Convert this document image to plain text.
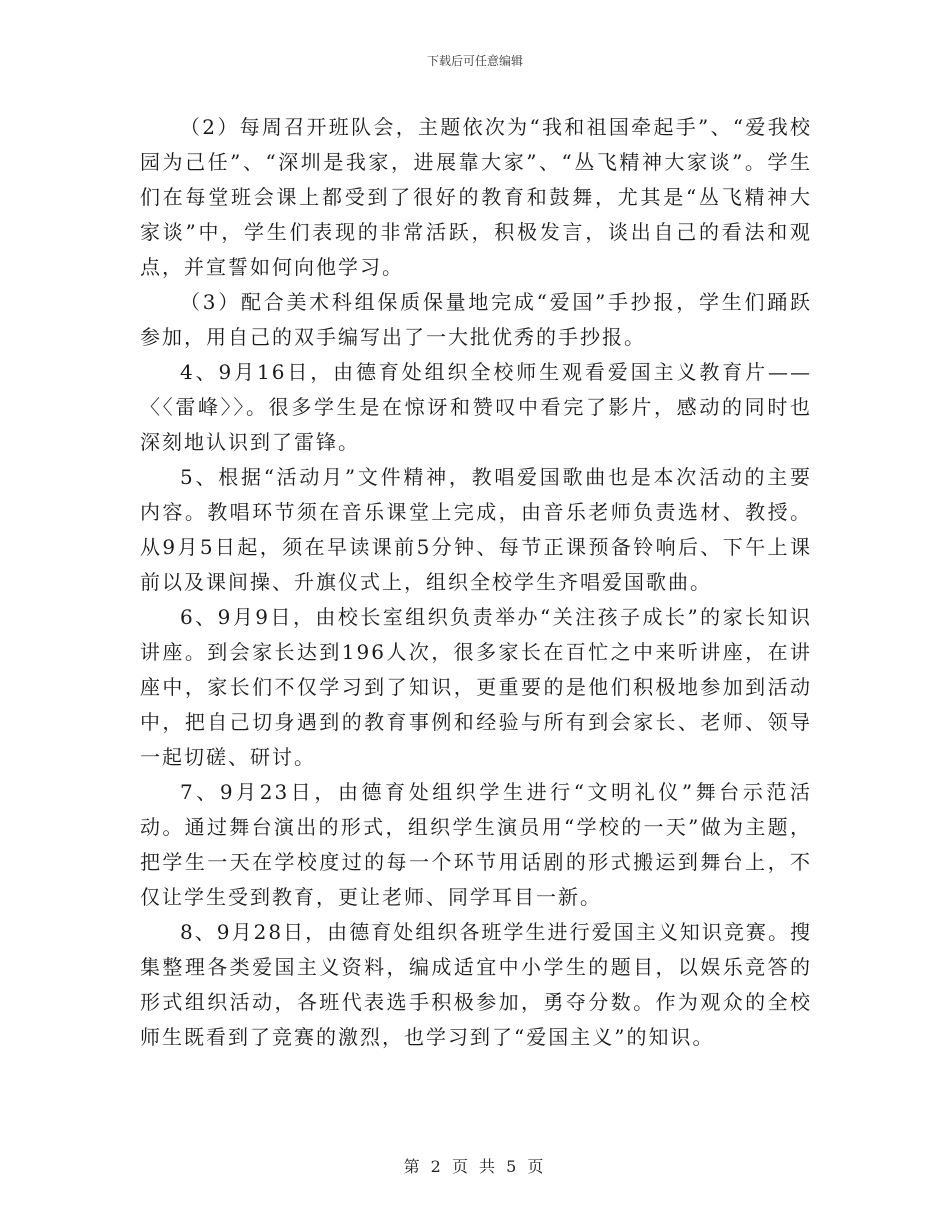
下载后可任意编辑

（2）每周召开班队会，主题依次为“我和祖国牵起手”、“爱我校园为己任”、“深圳是我家，进展靠大家”、“丛飞精神大家谈”。学生们在每堂班会课上都受到了很好的教育和鼓舞，尤其是“丛飞精神大家谈”中，学生们表现的非常活跃，积极发言，谈出自己的看法和观点，并宣誓如何向他学习。

（3）配合美术科组保质保量地完成“爱国”手抄报，学生们踊跃参加，用自己的双手编写出了一大批优秀的手抄报。

4、9月16日，由德育处组织全校师生观看爱国主义教育片——〈〈雷峰〉〉。很多学生是在惊讶和赞叹中看完了影片，感动的同时也深刻地认识到了雷锋。

5、根据“活动月”文件精神，教唱爱国歌曲也是本次活动的主要内容。教唱环节须在音乐课堂上完成，由音乐老师负责选材、教授。从9月5日起，须在早读课前5分钟、每节正课预备铃响后、下午上课前以及课间操、升旗仪式上，组织全校学生齐唱爱国歌曲。

6、9月9日，由校长室组织负责举办“关注孩子成长”的家长知识讲座。到会家长达到196人次，很多家长在百忙之中来听讲座，在讲座中，家长们不仅学习到了知识，更重要的是他们积极地参加到活动中，把自己切身遇到的教育事例和经验与所有到会家长、老师、领导一起切磋、研讨。

7、9月23日，由德育处组织学生进行“文明礼仪”舞台示范活动。通过舞台演出的形式，组织学生演员用“学校的一天”做为主题，把学生一天在学校度过的每一个环节用话剧的形式搬运到舞台上，不仅让学生受到教育，更让老师、同学耳目一新。

8、9月28日，由德育处组织各班学生进行爱国主义知识竞赛。搜集整理各类爱国主义资料，编成适宜中小学生的题目，以娱乐竞答的形式组织活动，各班代表选手积极参加，勇夺分数。作为观众的全校师生既看到了竞赛的激烈，也学习到了“爱国主义”的知识。

第 2 页 共 5 页
